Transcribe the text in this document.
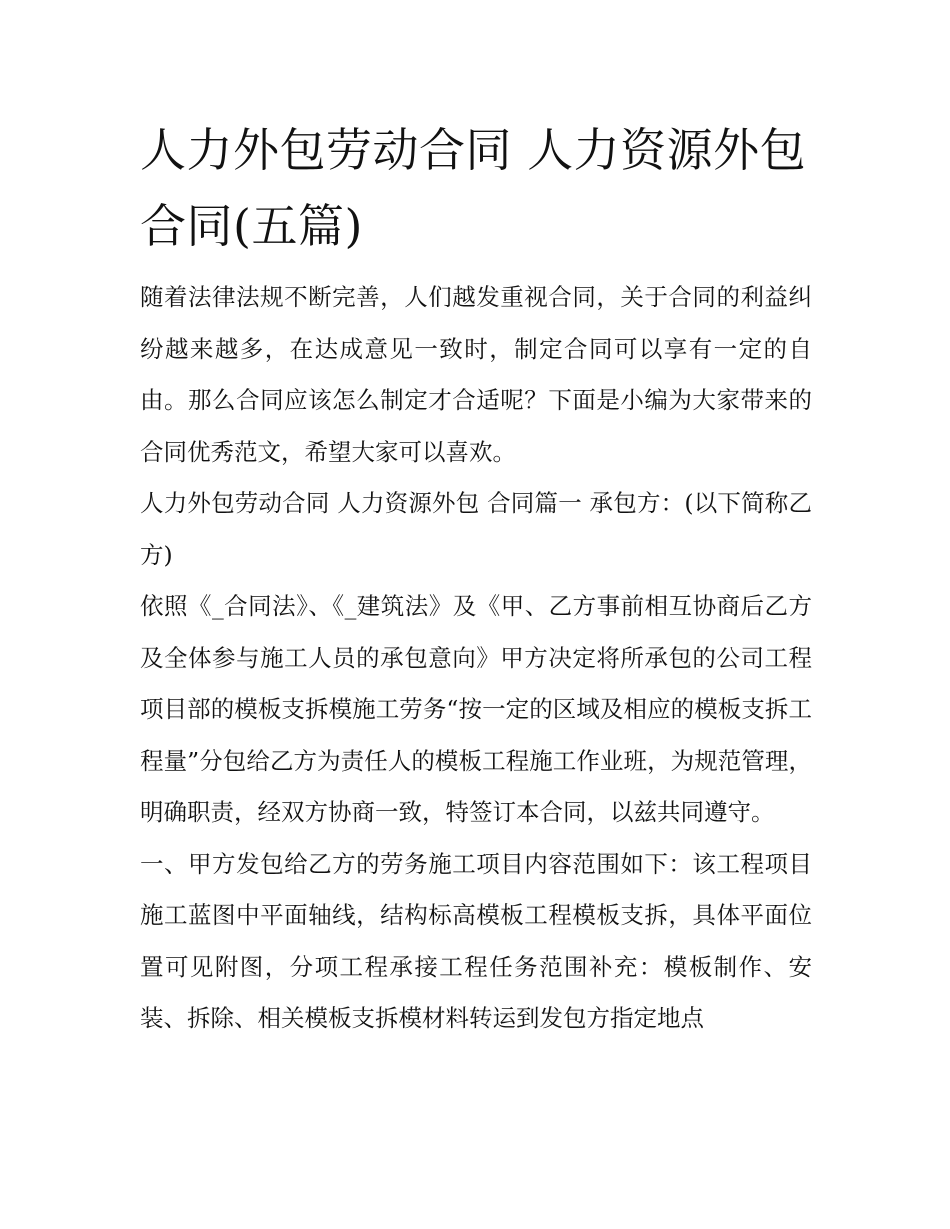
人力外包劳动合同 人力资源外包 合同(五篇)

随着法律法规不断完善，人们越发重视合同，关于合同的利益纠纷越来越多，在达成意见一致时，制定合同可以享有一定的自由。那么合同应该怎么制定才合适呢？下面是小编为大家带来的合同优秀范文，希望大家可以喜欢。

人力外包劳动合同 人力资源外包 合同篇一 承包方：(以下简称乙方)

依照《_合同法》、《_建筑法》及《甲、乙方事前相互协商后乙方及全体参与施工人员的承包意向》甲方决定将所承包的公司工程项目部的模板支拆模施工劳务“按一定的区域及相应的模板支拆工程量”分包给乙方为责任人的模板工程施工作业班，为规范管理，明确职责，经双方协商一致，特签订本合同，以兹共同遵守。

一、甲方发包给乙方的劳务施工项目内容范围如下：该工程项目施工蓝图中平面轴线，结构标高模板工程模板支拆，具体平面位置可见附图，分项工程承接工程任务范围补充：模板制作、安装、拆除、相关模板支拆模材料转运到发包方指定地点
